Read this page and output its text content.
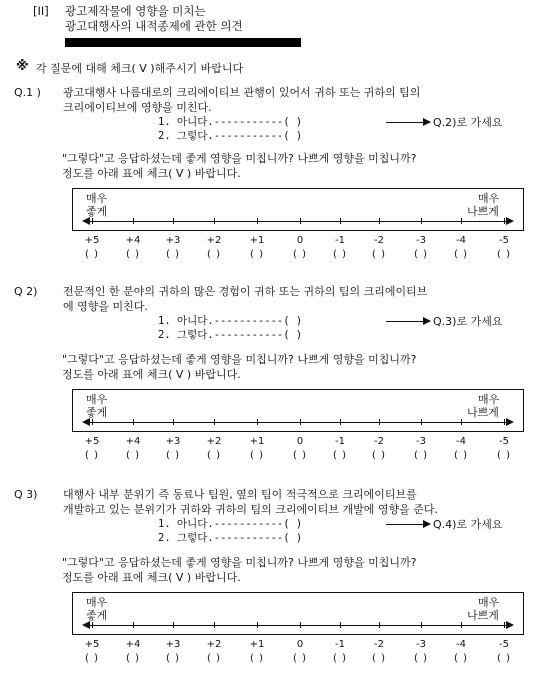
[II] 광고제작물에 영향을 미치는
광고대행사의 내적종제에 관한 의견
※ 각 질문에 대해 체크( V )해주시기 바랍니다
Q.1 ) 광고대행사 나름대로의 크리에이티브 관행이 있어서 귀하 또는 귀하의 팀의
크리에이티브에 영향을 미친다.
1. 아니다.-----------( )
2. 그렇다.-----------( )
Q.2)로 가세요
"그렇다"고 응답하셨는데 좋게 영향을 미칩니까? 나쁘게 영향을 미칩니까?
정도를 아래 표에 체크( V ) 바랍니다.
매우
좋게
매우
나쁘게
+5
( )
+4
( )
+3
( )
+2
( )
+1
( )
0
( )
-1
( )
-2
( )
-3
( )
-4
( )
-5
( )
Q 2) 전문적인 한 분야의 귀하의 많은 경험이 귀하 또는 귀하의 팀의 크리에이티브
에 영향을 미친다.
1. 아니다.-----------( )
2. 그렇다.-----------( )
Q.3)로 가세요
"그렇다"고 응답하셨는데 좋게 영향을 미칩니까? 나쁘게 영향을 미칩니까?
정도를 아래 표에 체크( V ) 바랍니다.
매우
좋게
매우
나쁘게
+5
( )
+4
( )
+3
( )
+2
( )
+1
( )
0
( )
-1
( )
-2
( )
-3
( )
-4
( )
-5
( )
Q 3) 대행사 내부 분위기 즉 동료나 팀원, 옆의 팀이 적극적으로 크리에이티브를
개발하고 있는 분위기가 귀하와 귀하의 팀의 크리에이티브 개발에 영향을 준다.
1. 아니다.-----------( )
2. 그렇다.-----------( )
Q.4)로 가세요
"그렇다"고 응답하셨는데 좋게 영향을 미칩니까? 나쁘게 영향을 미칩니까?
정도를 아래 표에 체크( V ) 바랍니다.
매우
좋게
매우
나쁘게
+5
( )
+4
( )
+3
( )
+2
( )
+1
( )
0
( )
-1
( )
-2
( )
-3
( )
-4
( )
-5
( )
